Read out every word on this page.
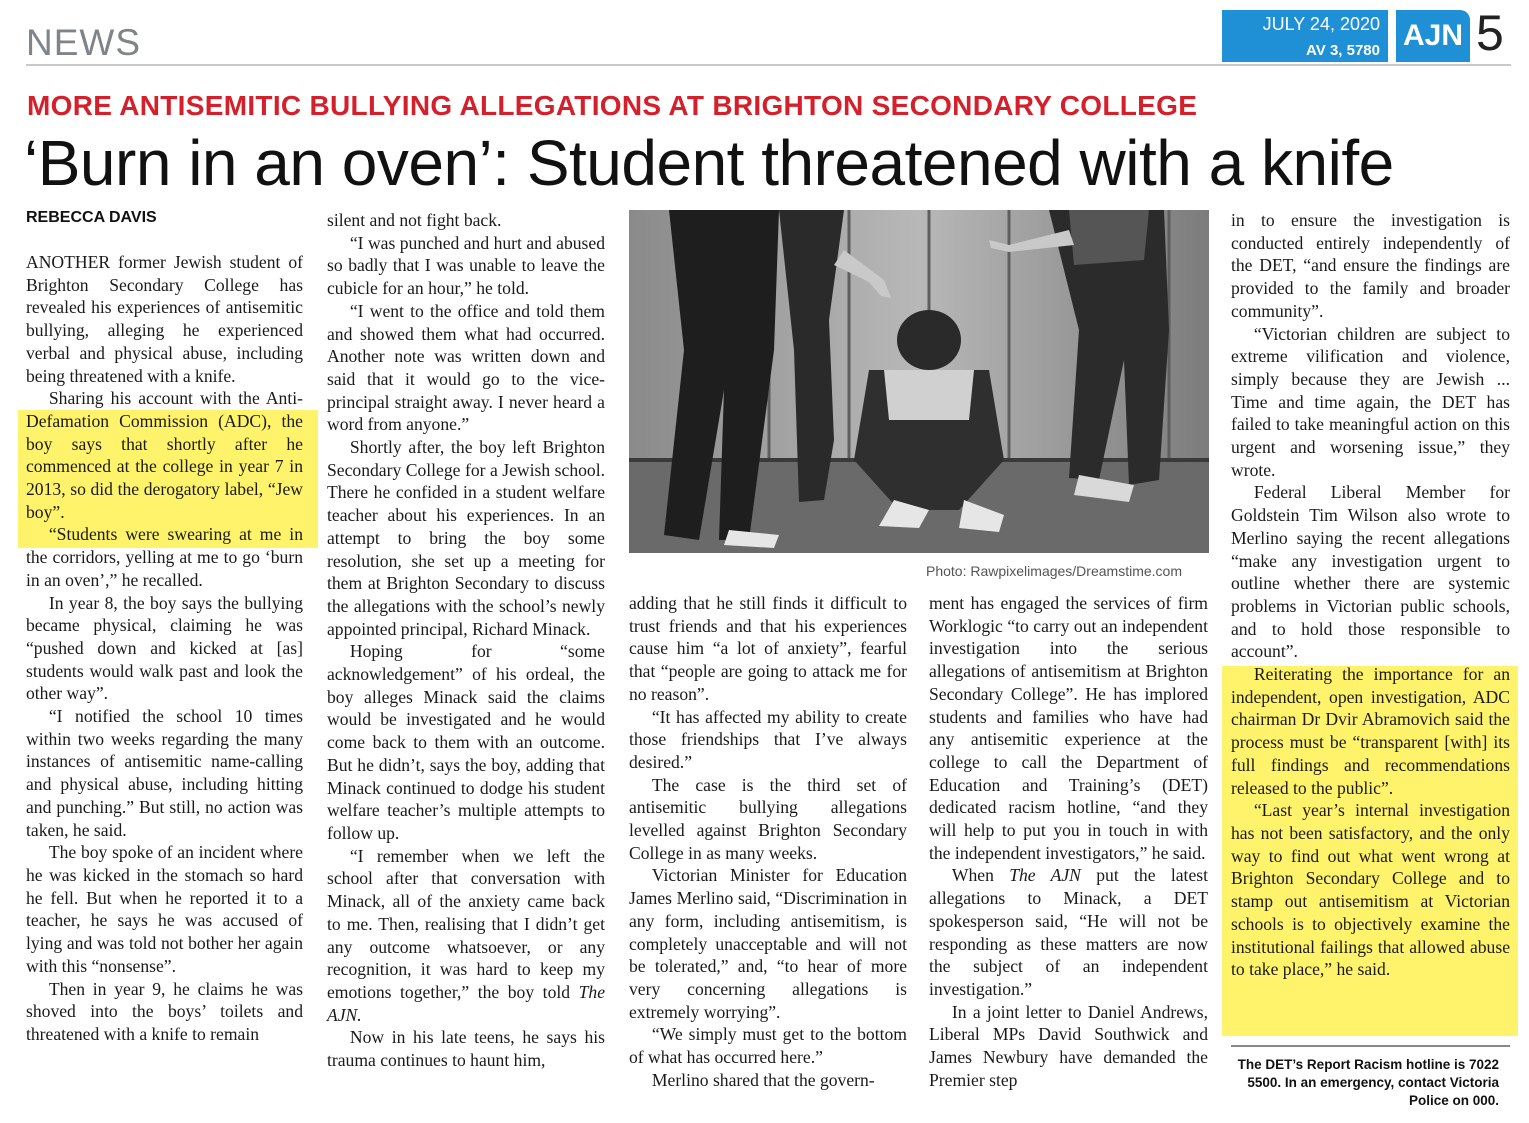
NEWS	JULY 24, 2020
AV 3, 5780 AJN 5
MORE ANTISEMITIC BULLYING ALLEGATIONS AT BRIGHTON SECONDARY COLLEGE
‘Burn in an oven’: Student threatened with a knife
REBECCA DAVIS

ANOTHER former Jewish student of Brighton Secondary College has revealed his experiences of antisemitic bullying, alleging he experienced verbal and physical abuse, including being threatened with a knife.

Sharing his account with the Anti-Defamation Commission (ADC), the boy says that shortly after he commenced at the college in year 7 in 2013, so did the derogatory label, “Jew boy”.

“Students were swearing at me in the corridors, yelling at me to go ‘burn in an oven’,” he recalled.

In year 8, the boy says the bullying became physical, claiming he was “pushed down and kicked at [as] students would walk past and look the other way”.

“I notified the school 10 times within two weeks regarding the many instances of antisemitic name-calling and physical abuse, including hitting and punching.” But still, no action was taken, he said.

The boy spoke of an incident where he was kicked in the stomach so hard he fell. But when he reported it to a teacher, he says he was accused of lying and was told not bother her again with this “nonsense”.

Then in year 9, he claims he was shoved into the boys’ toilets and threatened with a knife to remain

silent and not fight back.

“I was punched and hurt and abused so badly that I was unable to leave the cubicle for an hour,” he told.

“I went to the office and told them and showed them what had occurred. Another note was written down and said that it would go to the vice-principal straight away. I never heard a word from anyone.”

Shortly after, the boy left Brighton Secondary College for a Jewish school. There he confided in a student welfare teacher about his experiences. In an attempt to bring the boy some resolution, she set up a meeting for them at Brighton Secondary to discuss the allegations with the school’s newly appointed principal, Richard Minack.

Hoping for “some acknowledgement” of his ordeal, the boy alleges Minack said the claims would be investigated and he would come back to them with an outcome. But he didn’t, says the boy, adding that Minack continued to dodge his student welfare teacher’s multiple attempts to follow up.

“I remember when we left the school after that conversation with Minack, all of the anxiety came back to me. Then, realising that I didn’t get any outcome whatsoever, or any recognition, it was hard to keep my emotions together,” the boy told The AJN.

Now in his late teens, he says his trauma continues to haunt him,

Photo: Rawpixelimages/Dreamstime.com

adding that he still finds it difficult to trust friends and that his experiences cause him “a lot of anxiety”, fearful that “people are going to attack me for no reason”.

“It has affected my ability to create those friendships that I’ve always desired.”

The case is the third set of antisemitic bullying allegations levelled against Brighton Secondary College in as many weeks.

Victorian Minister for Education James Merlino said, “Discrimination in any form, including antisemitism, is completely unacceptable and will not be tolerated,” and, “to hear of more very concerning allegations is extremely worrying”.

“We simply must get to the bottom of what has occurred here.”

Merlino shared that the govern-

ment has engaged the services of firm Worklogic “to carry out an independent investigation into the serious allegations of antisemitism at Brighton Secondary College”. He has implored students and families who have had any antisemitic experience at the college to call the Department of Education and Training’s (DET) dedicated racism hotline, “and they will help to put you in touch in with the independent investigators,” he said.

When The AJN put the latest allegations to Minack, a DET spokesperson said, “He will not be responding as these matters are now the subject of an independent investigation.”

In a joint letter to Daniel Andrews, Liberal MPs David Southwick and James Newbury have demanded the Premier step

in to ensure the investigation is conducted entirely independently of the DET, “and ensure the findings are provided to the family and broader community”.

“Victorian children are subject to extreme vilification and violence, simply because they are Jewish ... Time and time again, the DET has failed to take meaningful action on this urgent and worsening issue,” they wrote.

Federal Liberal Member for Goldstein Tim Wilson also wrote to Merlino saying the recent allegations “make any investigation urgent to outline whether there are systemic problems in Victorian public schools, and to hold those responsible to account”.

Reiterating the importance for an independent, open investigation, ADC chairman Dr Dvir Abramovich said the process must be “transparent [with] its full findings and recommendations released to the public”.

“Last year’s internal investigation has not been satisfactory, and the only way to find out what went wrong at Brighton Secondary College and to stamp out antisemitism at Victorian schools is to objectively examine the institutional failings that allowed abuse to take place,” he said.

The DET’s Report Racism hotline is 7022 5500. In an emergency, contact Victoria Police on 000.
